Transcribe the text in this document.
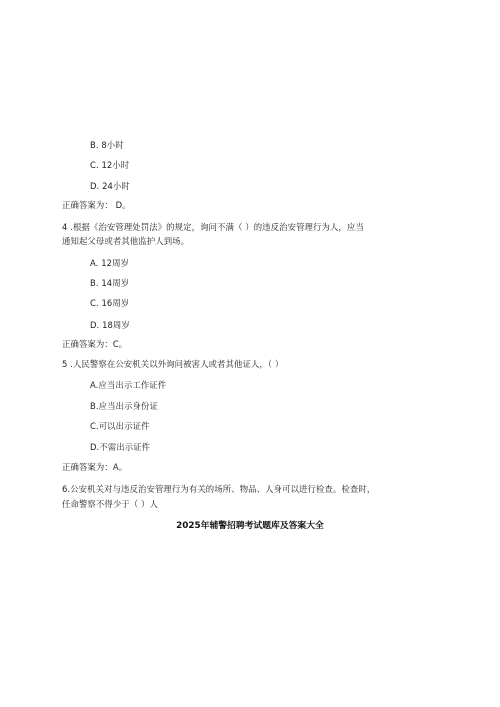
B. 8小时
C. 12小时
D. 24小时
正确答案为： D。
4 .根据《治安管理处罚法》的规定，询问不满（ ）的违反治安管理行为人，应当
通知起父母或者其他监护人到场。
A. 12周岁
B. 14周岁
C. 16周岁
D. 18周岁
正确答案为：C。
5 .人民警察在公安机关以外询问被害人或者其他证人，（ ）
A.应当出示工作证件
B.应当出示身份证
C.可以出示证件
D.不需出示证件
正确答案为：A。
6.公安机关对与违反治安管理行为有关的场所、物品、人身可以进行检查。检查时，
任命警察不得少于（ ）人
2025年辅警招聘考试题库及答案大全
